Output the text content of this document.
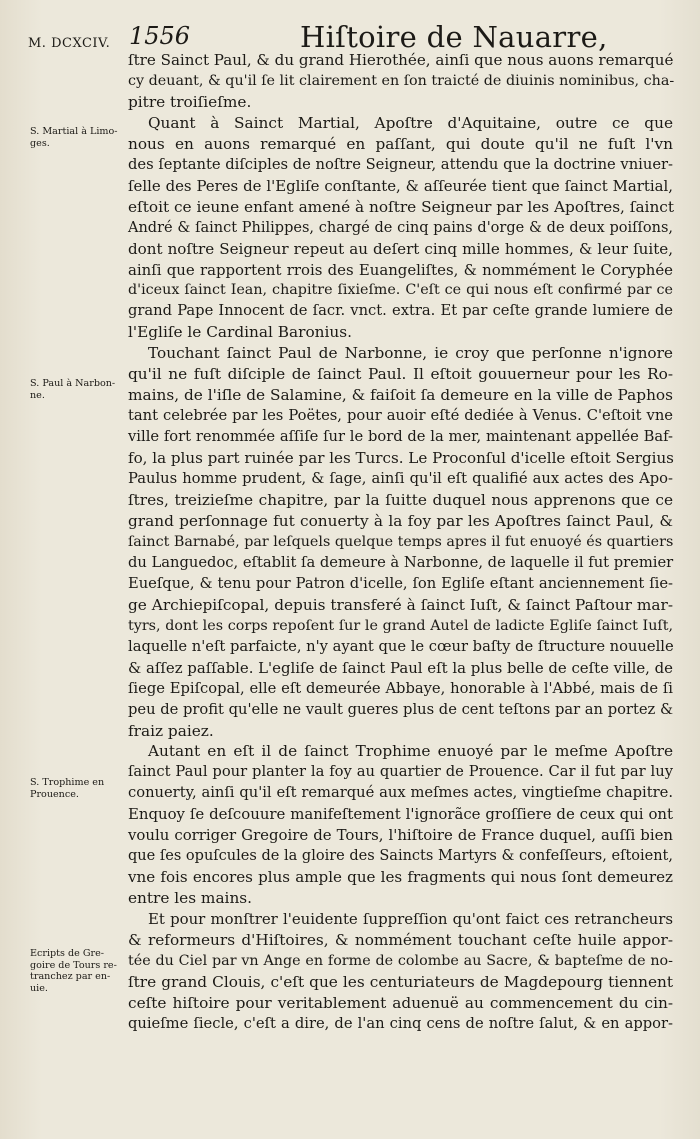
M. DCXCIV. 1556	Hiſtoire de Nauarre,
S. Martial à Limo-
ges.
S. Paul à Narbon-
ne.
S. Trophime en
Prouence.
Ecripts de Gre-
goire de Tours re-
tranchez par en-
uie.

ſtre Sainct Paul, & du grand Hierothée, ainſi que nous auons remarqué
cy deuant, & qu'il ſe lit clairement en ſon traicté de diuinis nominibus, cha-
pitre troiſieſme.

Quant à Sainct Martial, Apoſtre d'Aquitaine, outre ce que
nous en auons remarqué en paſſant, qui doute qu'il ne fuſt l'vn
des ſeptante diſciples de noſtre Seigneur, attendu que la doctrine vniuer-
ſelle des Peres de l'Egliſe conſtante, & aſſeurée tient que ſainct Martial,
eſtoit ce ieune enfant amené à noſtre Seigneur par les Apoſtres, ſainct
André & ſainct Philippes, chargé de cinq pains d'orge & de deux poiſſons,
dont noſtre Seigneur repeut au deſert cinq mille hommes, & leur ſuite,
ainſi que rapportent rrois des Euangeliſtes, & nommément le Coryphée
d'iceux ſainct Iean, chapitre ſixieſme. C'eſt ce qui nous eſt confirmé par ce
grand Pape Innocent de ſacr. vnct. extra. Et par ceſte grande lumiere de
l'Egliſe le Cardinal Baronius.

Touchant ſainct Paul de Narbonne, ie croy que perſonne n'ignore
qu'il ne fuſt diſciple de ſainct Paul. Il eſtoit gouuerneur pour les Ro-
mains, de l'iſle de Salamine, & faiſoit ſa demeure en la ville de Paphos
tant celebrée par les Poëtes, pour auoir eſté dediée à Venus. C'eſtoit vne
ville fort renommée aſſiſe ſur le bord de la mer, maintenant appellée Baf-
fo, la plus part ruinée par les Turcs. Le Proconſul d'icelle eſtoit Sergius
Paulus homme prudent, & ſage, ainſi qu'il eſt qualifié aux actes des Apo-
ſtres, treizieſme chapitre, par la ſuitte duquel nous apprenons que ce
grand perſonnage fut conuerty à la foy par les Apoſtres ſainct Paul, &
ſainct Barnabé, par leſquels quelque temps apres il fut enuoyé és quartiers
du Languedoc, eſtablit ſa demeure à Narbonne, de laquelle il fut premier
Eueſque, & tenu pour Patron d'icelle, ſon Egliſe eſtant anciennement ſie-
ge Archiepiſcopal, depuis transferé à ſainct Iuſt, & ſainct Paſtour mar-
tyrs, dont les corps repoſent ſur le grand Autel de ladicte Egliſe ſainct Iuſt,
laquelle n'eſt parfaicte, n'y ayant que le cœur baſty de ſtructure nouuelle
& aſſez paſſable. L'egliſe de ſainct Paul eſt la plus belle de ceſte ville, de
ſiege Epiſcopal, elle eſt demeurée Abbaye, honorable à l'Abbé, mais de ſi
peu de profit qu'elle ne vault gueres plus de cent teſtons par an portez &
fraiz paiez.

Autant en eſt il de ſainct Trophime enuoyé par le meſme Apoſtre
ſainct Paul pour planter la foy au quartier de Prouence. Car il fut par luy
conuerty, ainſi qu'il eſt remarqué aux meſmes actes, vingtieſme chapitre.
Enquoy ſe deſcouure manifeſtement l'ignorãce groſſiere de ceux qui ont
voulu corriger Gregoire de Tours, l'hiſtoire de France duquel, auſſi bien
que ſes opuſcules de la gloire des Saincts Martyrs & confeſſeurs, eſtoient,
vne fois encores plus ample que les fragments qui nous ſont demeurez
entre les mains.

Et pour monſtrer l'euidente ſuppreſſion qu'ont faict ces retrancheurs
& reformeurs d'Hiſtoires, & nommément touchant ceſte huile appor-
tée du Ciel par vn Ange en forme de colombe au Sacre, & bapteſme de no-
ſtre grand Clouis, c'eſt que les centuriateurs de Magdepourg tiennent
ceſte hiſtoire pour veritablement aduenuë au commencement du cin-
quieſme ſiecle, c'eſt a dire, de l'an cinq cens de noſtre ſalut, & en appor-
